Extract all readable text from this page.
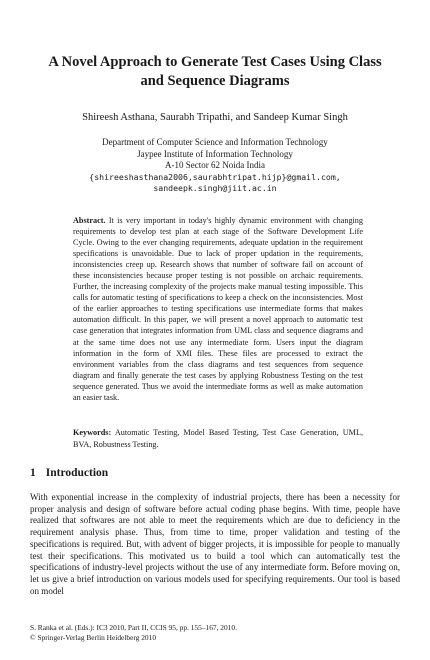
A Novel Approach to Generate Test Cases Using Class and Sequence Diagrams
Shireesh Asthana, Saurabh Tripathi, and Sandeep Kumar Singh
Department of Computer Science and Information Technology
Jaypee Institute of Information Technology
A-10 Sector 62 Noida India
{shireeshasthana2006,saurabhtripat.hijp}@gmail.com,
sandeepk.singh@jiit.ac.in
Abstract. It is very important in today's highly dynamic environment with changing requirements to develop test plan at each stage of the Software Development Life Cycle. Owing to the ever changing requirements, adequate updation in the requirement specifications is unavoidable. Due to lack of proper updation in the requirements, inconsistencies creep up. Research shows that number of software fail on account of these inconsistencies because proper testing is not possible on archaic requirements. Further, the increasing complexity of the projects make manual testing impossible. This calls for automatic testing of specifications to keep a check on the inconsistencies. Most of the earlier approaches to testing specifications use intermediate forms that makes automation difficult. In this paper, we will present a novel approach to automatic test case generation that integrates information from UML class and sequence diagrams and at the same time does not use any intermediate form. Users input the diagram information in the form of XMI files. These files are processed to extract the environment variables from the class diagrams and test sequences from sequence diagram and finally generate the test cases by applying Robustness Testing on the test sequence generated. Thus we avoid the intermediate forms as well as make automation an easier task.
Keywords: Automatic Testing, Model Based Testing, Test Case Generation, UML, BVA, Robustness Testing.
1 Introduction
With exponential increase in the complexity of industrial projects, there has been a necessity for proper analysis and design of software before actual coding phase begins. With time, people have realized that softwares are not able to meet the requirements which are due to deficiency in the requirement analysis phase. Thus, from time to time, proper validation and testing of the specifications is required. But, with advent of bigger projects, it is impossible for people to manually test their specifications. This motivated us to build a tool which can automatically test the specifications of industry-level projects without the use of any intermediate form. Before moving on, let us give a brief introduction on various models used for specifying requirements. Our tool is based on model
S. Ranka et al. (Eds.): IC3 2010, Part II, CCIS 95, pp. 155–167, 2010.
© Springer-Verlag Berlin Heidelberg 2010
